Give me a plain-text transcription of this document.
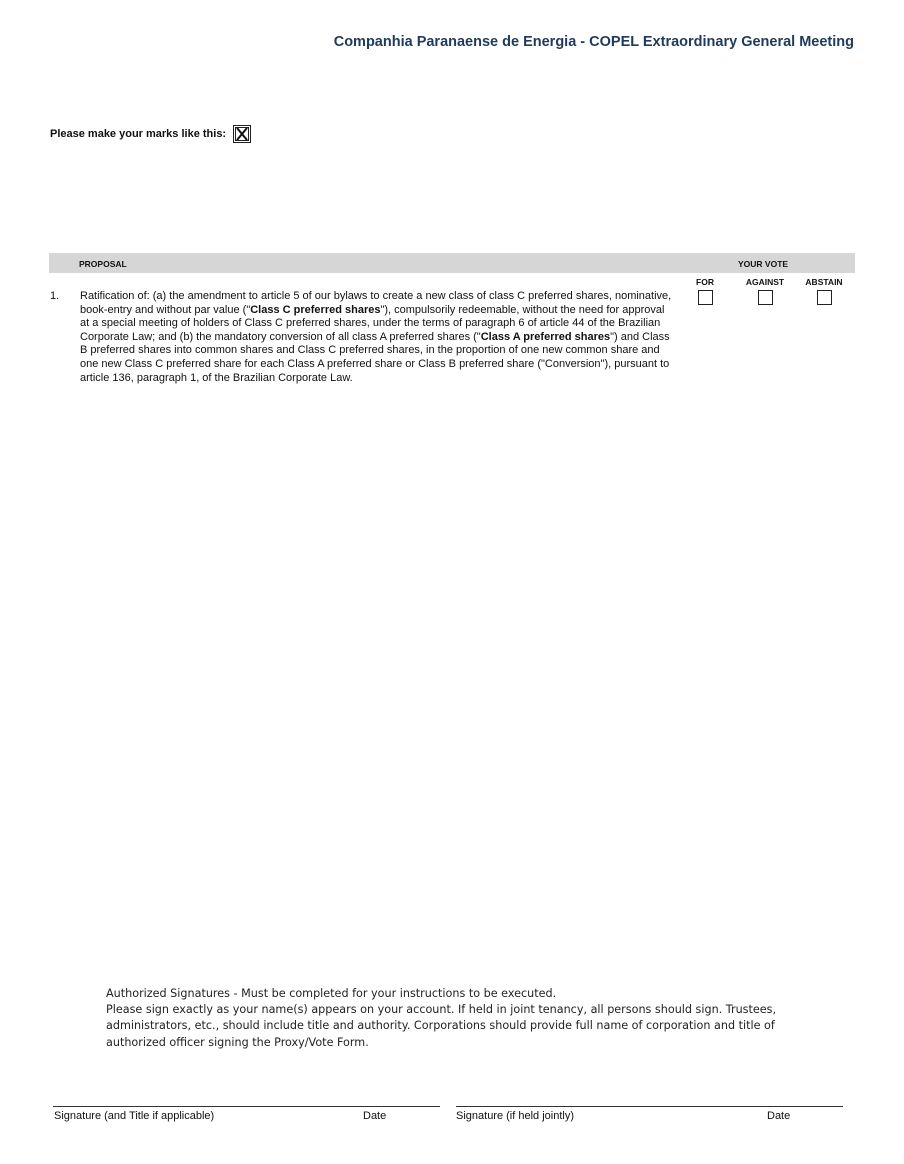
Companhia Paranaense de Energia - COPEL Extraordinary General Meeting
Please make your marks like this:
PROPOSAL	YOUR VOTE
FOR	AGAINST	ABSTAIN
1. Ratification of: (a) the amendment to article 5 of our bylaws to create a new class of class C preferred shares, nominative, book-entry and without par value ("Class C preferred shares"), compulsorily redeemable, without the need for approval at a special meeting of holders of Class C preferred shares, under the terms of paragraph 6 of article 44 of the Brazilian Corporate Law; and (b) the mandatory conversion of all class A preferred shares ("Class A preferred shares") and Class B preferred shares into common shares and Class C preferred shares, in the proportion of one new common share and one new Class C preferred share for each Class A preferred share or Class B preferred share ("Conversion"), pursuant to article 136, paragraph 1, of the Brazilian Corporate Law.
Authorized Signatures - Must be completed for your instructions to be executed.
Please sign exactly as your name(s) appears on your account. If held in joint tenancy, all persons should sign. Trustees, administrators, etc., should include title and authority. Corporations should provide full name of corporation and title of authorized officer signing the Proxy/Vote Form.
Signature (and Title if applicable)	Date	Signature (if held jointly)	Date
